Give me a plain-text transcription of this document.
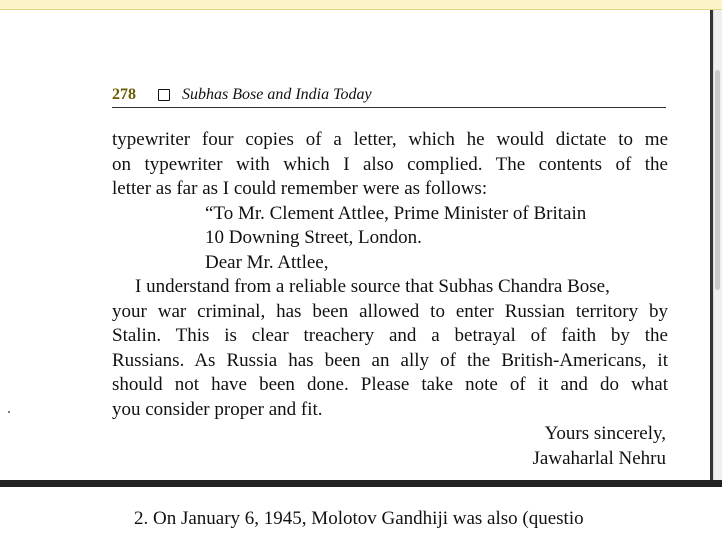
278	Subhas Bose and India Today
typewriter four copies of a letter, which he would dictate to me
on typewriter with which I also complied. The contents of the
letter as far as I could remember were as follows:
“To Mr. Clement Attlee, Prime Minister of Britain
10 Downing Street, London.
Dear Mr. Attlee,
I understand from a reliable source that Subhas Chandra Bose,
your war criminal, has been allowed to enter Russian territory by
Stalin. This is clear treachery and a betrayal of faith by the
Russians. As Russia has been an ally of the British-Americans, it
should not have been done. Please take note of it and do what
you consider proper and fit.
Yours sincerely,
Jawaharlal Nehru
2. On January 6, 1945, Molotov Gandhiji was also (questio
